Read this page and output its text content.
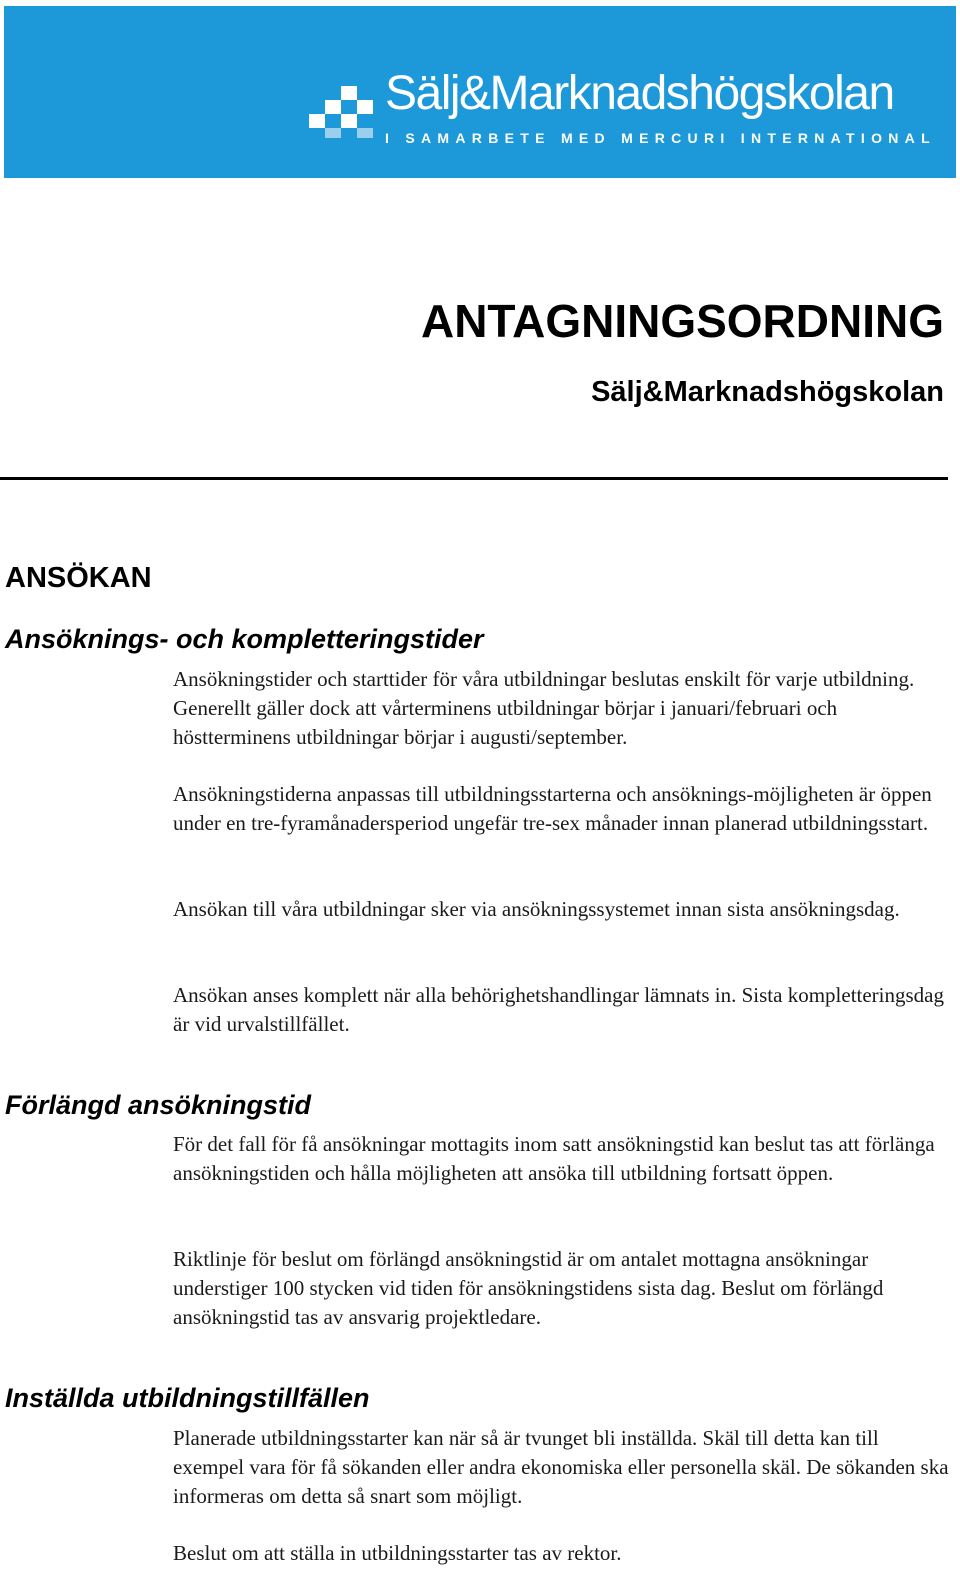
Sälj&Marknadshögskolan
I SAMARBETE MED MERCURI INTERNATIONAL
ANTAGNINGSORDNING
Sälj&Marknadshögskolan
ANSÖKAN
Ansöknings- och kompletteringstider

Ansökningstider och starttider för våra utbildningar beslutas enskilt för varje utbildning. Generellt gäller dock att vårterminens utbildningar börjar i januari/februari och höstterminens utbildningar börjar i augusti/september.

Ansökningstiderna anpassas till utbildningsstarterna och ansöknings-möjligheten är öppen under en tre-fyramånadersperiod ungefär tre-sex månader innan planerad utbildningsstart.

Ansökan till våra utbildningar sker via ansökningssystemet innan sista ansökningsdag.

Ansökan anses komplett när alla behörighetshandlingar lämnats in. Sista kompletteringsdag är vid urvalstillfället.

Förlängd ansökningstid

För det fall för få ansökningar mottagits inom satt ansökningstid kan beslut tas att förlänga ansökningstiden och hålla möjligheten att ansöka till utbildning fortsatt öppen.

Riktlinje för beslut om förlängd ansökningstid är om antalet mottagna ansökningar understiger 100 stycken vid tiden för ansökningstidens sista dag. Beslut om förlängd ansökningstid tas av ansvarig projektledare.

Inställda utbildningstillfällen

Planerade utbildningsstarter kan när så är tvunget bli inställda. Skäl till detta kan till exempel vara för få sökanden eller andra ekonomiska eller personella skäl. De sökanden ska informeras om detta så snart som möjligt.

Beslut om att ställa in utbildningsstarter tas av rektor.
